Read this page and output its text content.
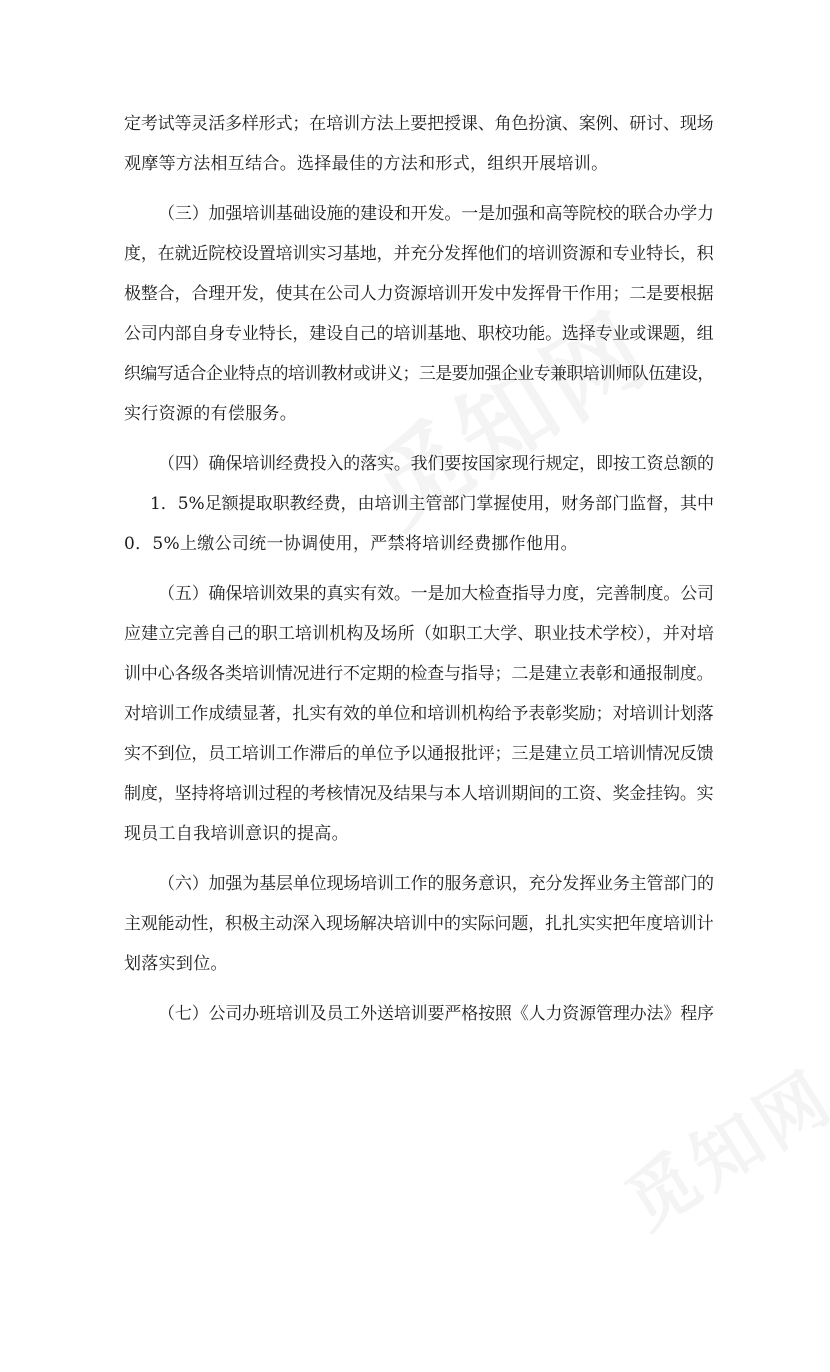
定考试等灵活多样形式；在培训方法上要把授课、角色扮演、案例、研讨、现场
观摩等方法相互结合。选择最佳的方法和形式，组织开展培训。

（三）加强培训基础设施的建设和开发。一是加强和高等院校的联合办学力
度，在就近院校设置培训实习基地，并充分发挥他们的培训资源和专业特长，积
极整合，合理开发，使其在公司人力资源培训开发中发挥骨干作用；二是要根据
公司内部自身专业特长，建设自己的培训基地、职校功能。选择专业或课题，组
织编写适合企业特点的培训教材或讲义；三是要加强企业专兼职培训师队伍建设，
实行资源的有偿服务。

（四）确保培训经费投入的落实。我们要按国家现行规定，即按工资总额的
1．5%足额提取职教经费，由培训主管部门掌握使用，财务部门监督，其中
0．5%上缴公司统一协调使用，严禁将培训经费挪作他用。

（五）确保培训效果的真实有效。一是加大检查指导力度，完善制度。公司
应建立完善自己的职工培训机构及场所（如职工大学、职业技术学校），并对培
训中心各级各类培训情况进行不定期的检查与指导；二是建立表彰和通报制度。
对培训工作成绩显著，扎实有效的单位和培训机构给予表彰奖励；对培训计划落
实不到位，员工培训工作滞后的单位予以通报批评；三是建立员工培训情况反馈
制度，坚持将培训过程的考核情况及结果与本人培训期间的工资、奖金挂钩。实
现员工自我培训意识的提高。

（六）加强为基层单位现场培训工作的服务意识，充分发挥业务主管部门的
主观能动性，积极主动深入现场解决培训中的实际问题，扎扎实实把年度培训计
划落实到位。

（七）公司办班培训及员工外送培训要严格按照《人力资源管理办法》程序
